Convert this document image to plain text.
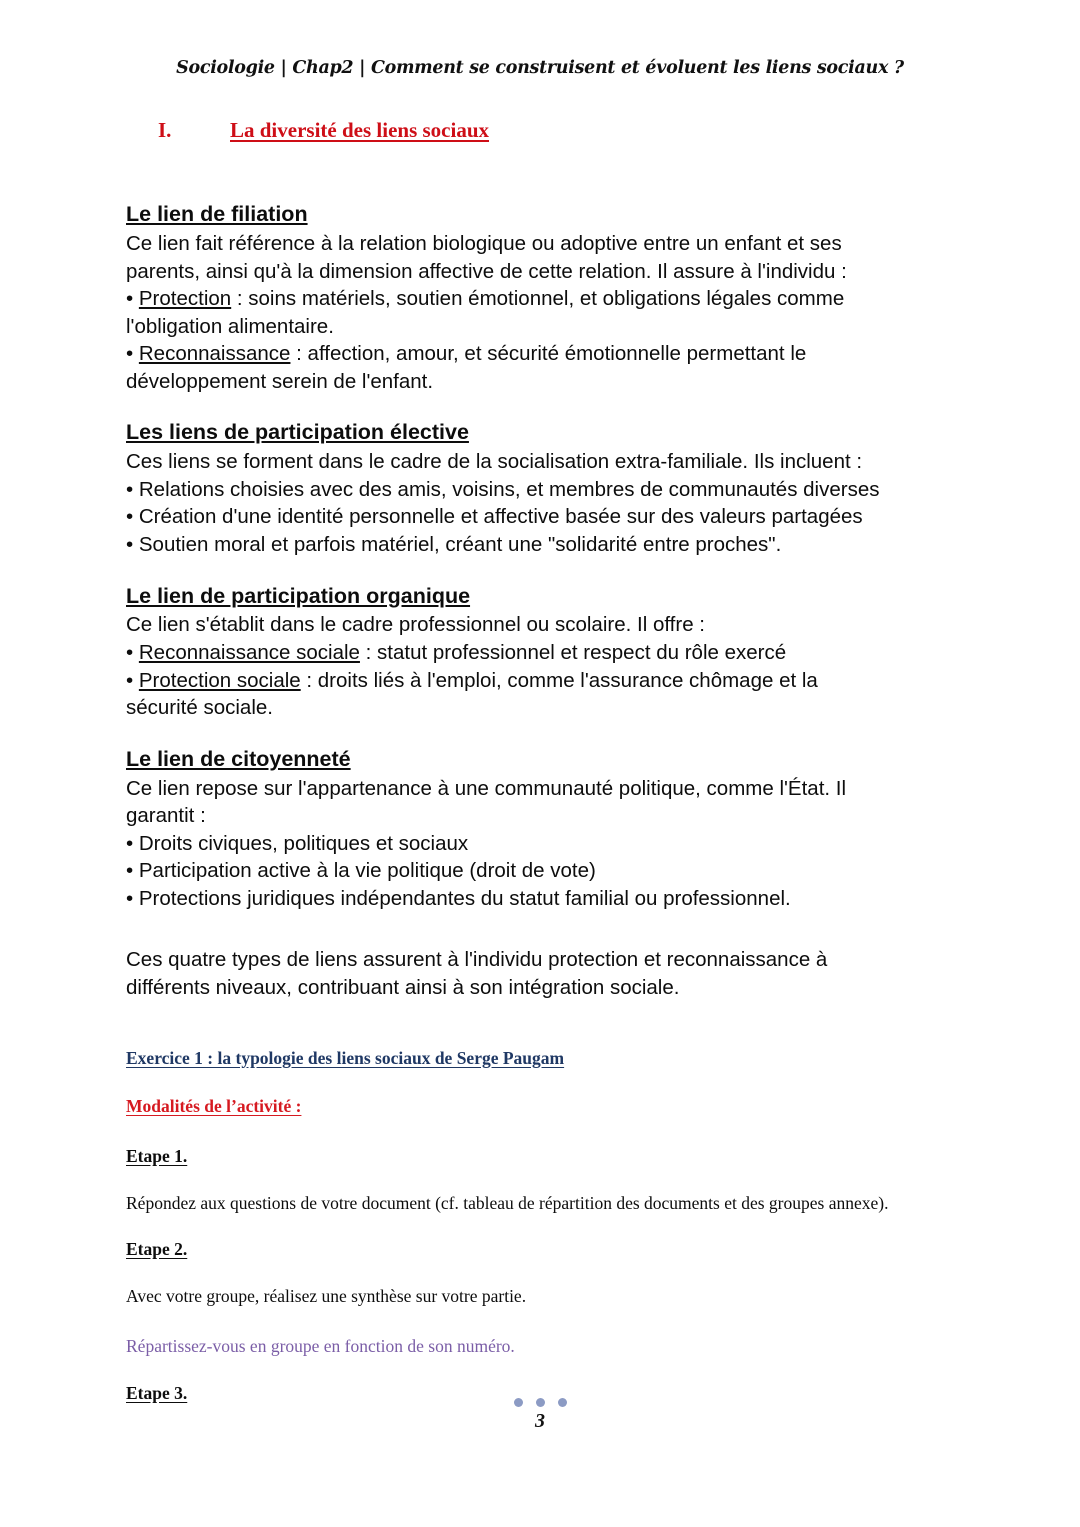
Sociologie | Chap2 | Comment se construisent et évoluent les liens sociaux ?
I.	La diversité des liens sociaux

Le lien de filiation

Ce lien fait référence à la relation biologique ou adoptive entre un enfant et ses

parents, ainsi qu'à la dimension affective de cette relation. Il assure à l'individu :

• Protection : soins matériels, soutien émotionnel, et obligations légales comme

l'obligation alimentaire.

• Reconnaissance : affection, amour, et sécurité émotionnelle permettant le

développement serein de l'enfant.

Les liens de participation élective

Ces liens se forment dans le cadre de la socialisation extra-familiale. Ils incluent :

• Relations choisies avec des amis, voisins, et membres de communautés diverses

• Création d'une identité personnelle et affective basée sur des valeurs partagées

• Soutien moral et parfois matériel, créant une "solidarité entre proches".

Le lien de participation organique

Ce lien s'établit dans le cadre professionnel ou scolaire. Il offre :

• Reconnaissance sociale : statut professionnel et respect du rôle exercé

• Protection sociale : droits liés à l'emploi, comme l'assurance chômage et la

sécurité sociale.

Le lien de citoyenneté

Ce lien repose sur l'appartenance à une communauté politique, comme l'État. Il

garantit :

• Droits civiques, politiques et sociaux

• Participation active à la vie politique (droit de vote)

• Protections juridiques indépendantes du statut familial ou professionnel.

Ces quatre types de liens assurent à l'individu protection et reconnaissance à

différents niveaux, contribuant ainsi à son intégration sociale.

Exercice 1 : la typologie des liens sociaux de Serge Paugam

Modalités de l’activité :

Etape 1.

Répondez aux questions de votre document (cf. tableau de répartition des documents et des groupes annexe).

Etape 2.

Avec votre groupe, réalisez une synthèse sur votre partie.

Répartissez-vous en groupe en fonction de son numéro.

Etape 3.

3
